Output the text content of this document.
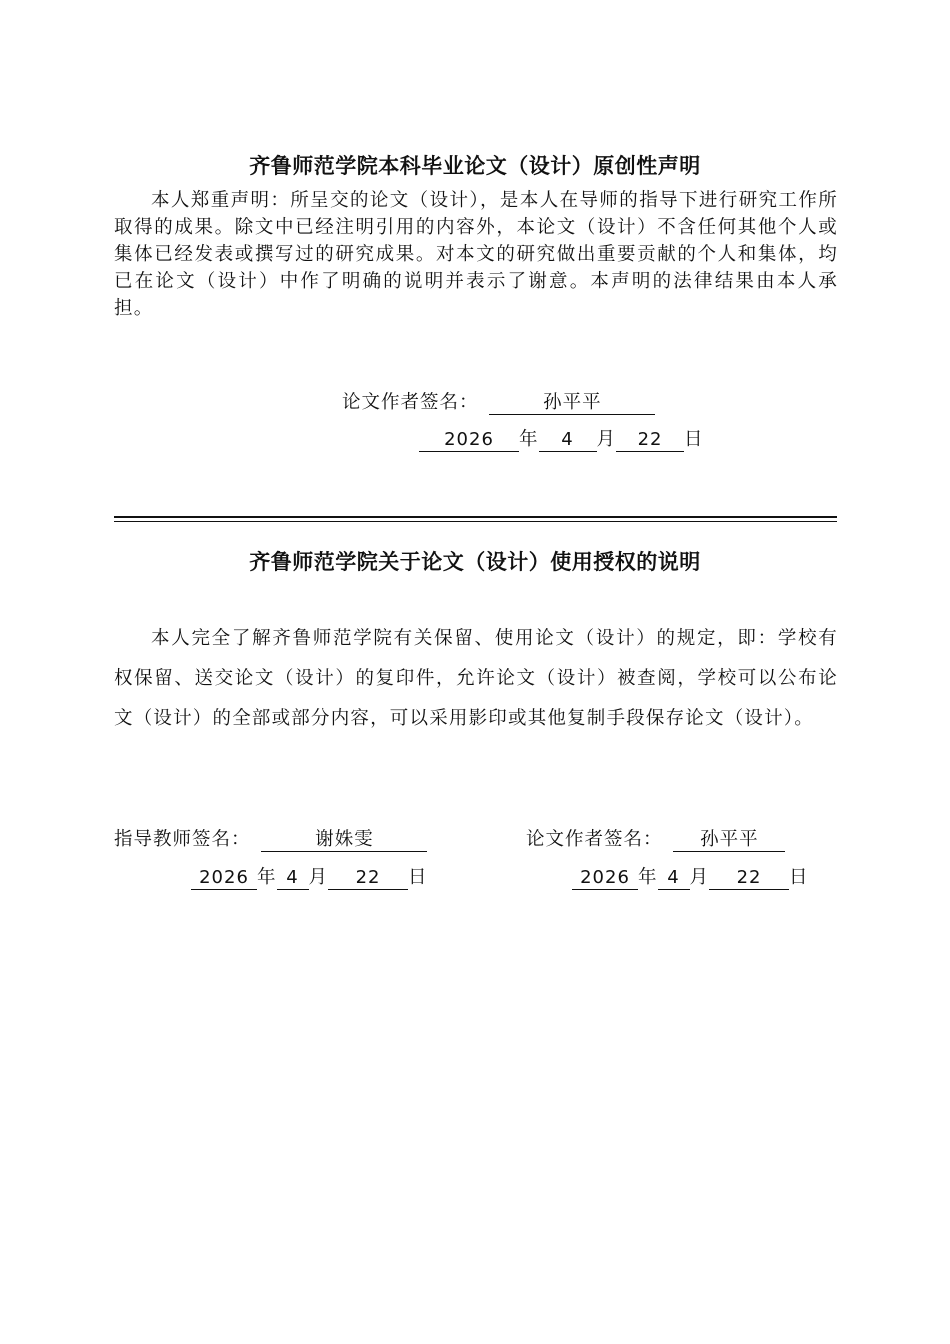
齐鲁师范学院本科毕业论文（设计）原创性声明

本人郑重声明：所呈交的论文（设计），是本人在导师的指导下进行研究工作所取得的成果。除文中已经注明引用的内容外，本论文（设计）不含任何其他个人或集体已经发表或撰写过的研究成果。对本文的研究做出重要贡献的个人和集体，均已在论文（设计）中作了明确的说明并表示了谢意。本声明的法律结果由本人承担。

论文作者签名：	孙平平
2026 年 4 月 22 日
齐鲁师范学院关于论文（设计）使用授权的说明

本人完全了解齐鲁师范学院有关保留、使用论文（设计）的规定，即：学校有权保留、送交论文（设计）的复印件，允许论文（设计）被查阅，学校可以公布论文（设计）的全部或部分内容，可以采用影印或其他复制手段保存论文（设计）。

指导教师签名：	谢姝雯	论文作者签名： 孙平平
2026 年 4 月 22 日	2026 年 4 月 22 日
